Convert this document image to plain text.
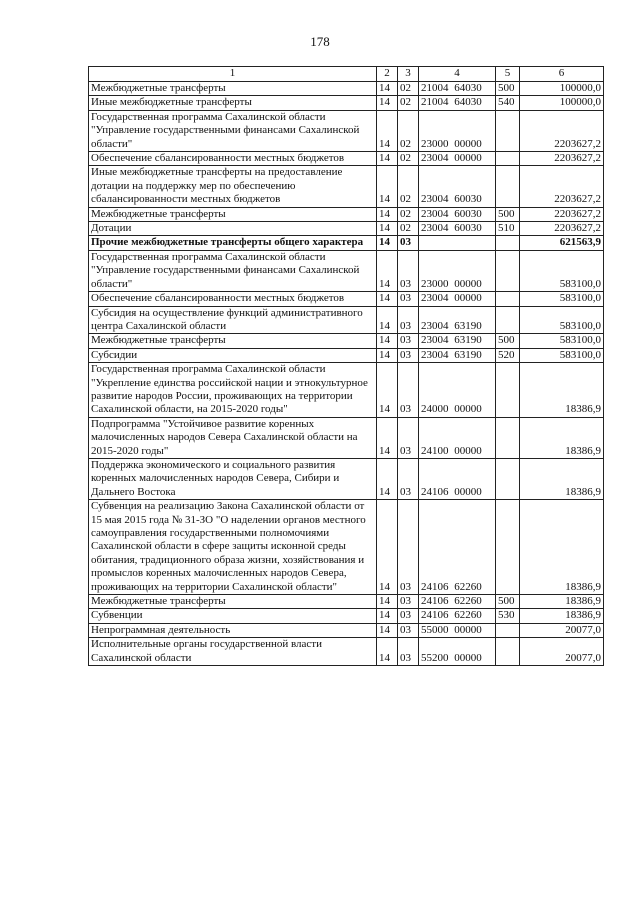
178
1	2	3	4	5	6
Межбюджетные трансферты	14	02	21004 64030	500	100000,0
Иные межбюджетные трансферты	14	02	21004 64030	540	100000,0
Государственная программа Сахалинской области "Управление государственными финансами Сахалинской области"	14	02	23000 00000		2203627,2
Обеспечение сбалансированности местных бюджетов	14	02	23004 00000		2203627,2
Иные межбюджетные трансферты на предоставление дотации на поддержку мер по обеспечению сбалансированности местных бюджетов	14	02	23004 60030		2203627,2
Межбюджетные трансферты	14	02	23004 60030	500	2203627,2
Дотации	14	02	23004 60030	510	2203627,2
Прочие межбюджетные трансферты общего характера	14	03			621563,9
Государственная программа Сахалинской области "Управление государственными финансами Сахалинской области"	14	03	23000 00000		583100,0
Обеспечение сбалансированности местных бюджетов	14	03	23004 00000		583100,0
Субсидия на осуществление функций административного центра Сахалинской области	14	03	23004 63190		583100,0
Межбюджетные трансферты	14	03	23004 63190	500	583100,0
Субсидии	14	03	23004 63190	520	583100,0
Государственная программа Сахалинской области "Укрепление единства российской нации и этнокультурное развитие народов России, проживающих на территории Сахалинской области, на 2015-2020 годы"	14	03	24000 00000		18386,9
Подпрограмма "Устойчивое развитие коренных малочисленных народов Севера Сахалинской области на 2015-2020 годы"	14	03	24100 00000		18386,9
Поддержка экономического и социального развития коренных малочисленных народов Севера, Сибири и Дальнего Востока	14	03	24106 00000		18386,9
Субвенция на реализацию Закона Сахалинской области от 15 мая 2015 года № 31-ЗО "О наделении органов местного самоуправления государственными полномочиями Сахалинской области в сфере защиты исконной среды обитания, традиционного образа жизни, хозяйствования и промыслов коренных малочисленных народов Севера, проживающих на территории Сахалинской области"	14	03	24106 62260		18386,9
Межбюджетные трансферты	14	03	24106 62260	500	18386,9
Субвенции	14	03	24106 62260	530	18386,9
Непрограммная деятельность	14	03	55000 00000		20077,0
Исполнительные органы государственной власти Сахалинской области	14	03	55200 00000		20077,0
